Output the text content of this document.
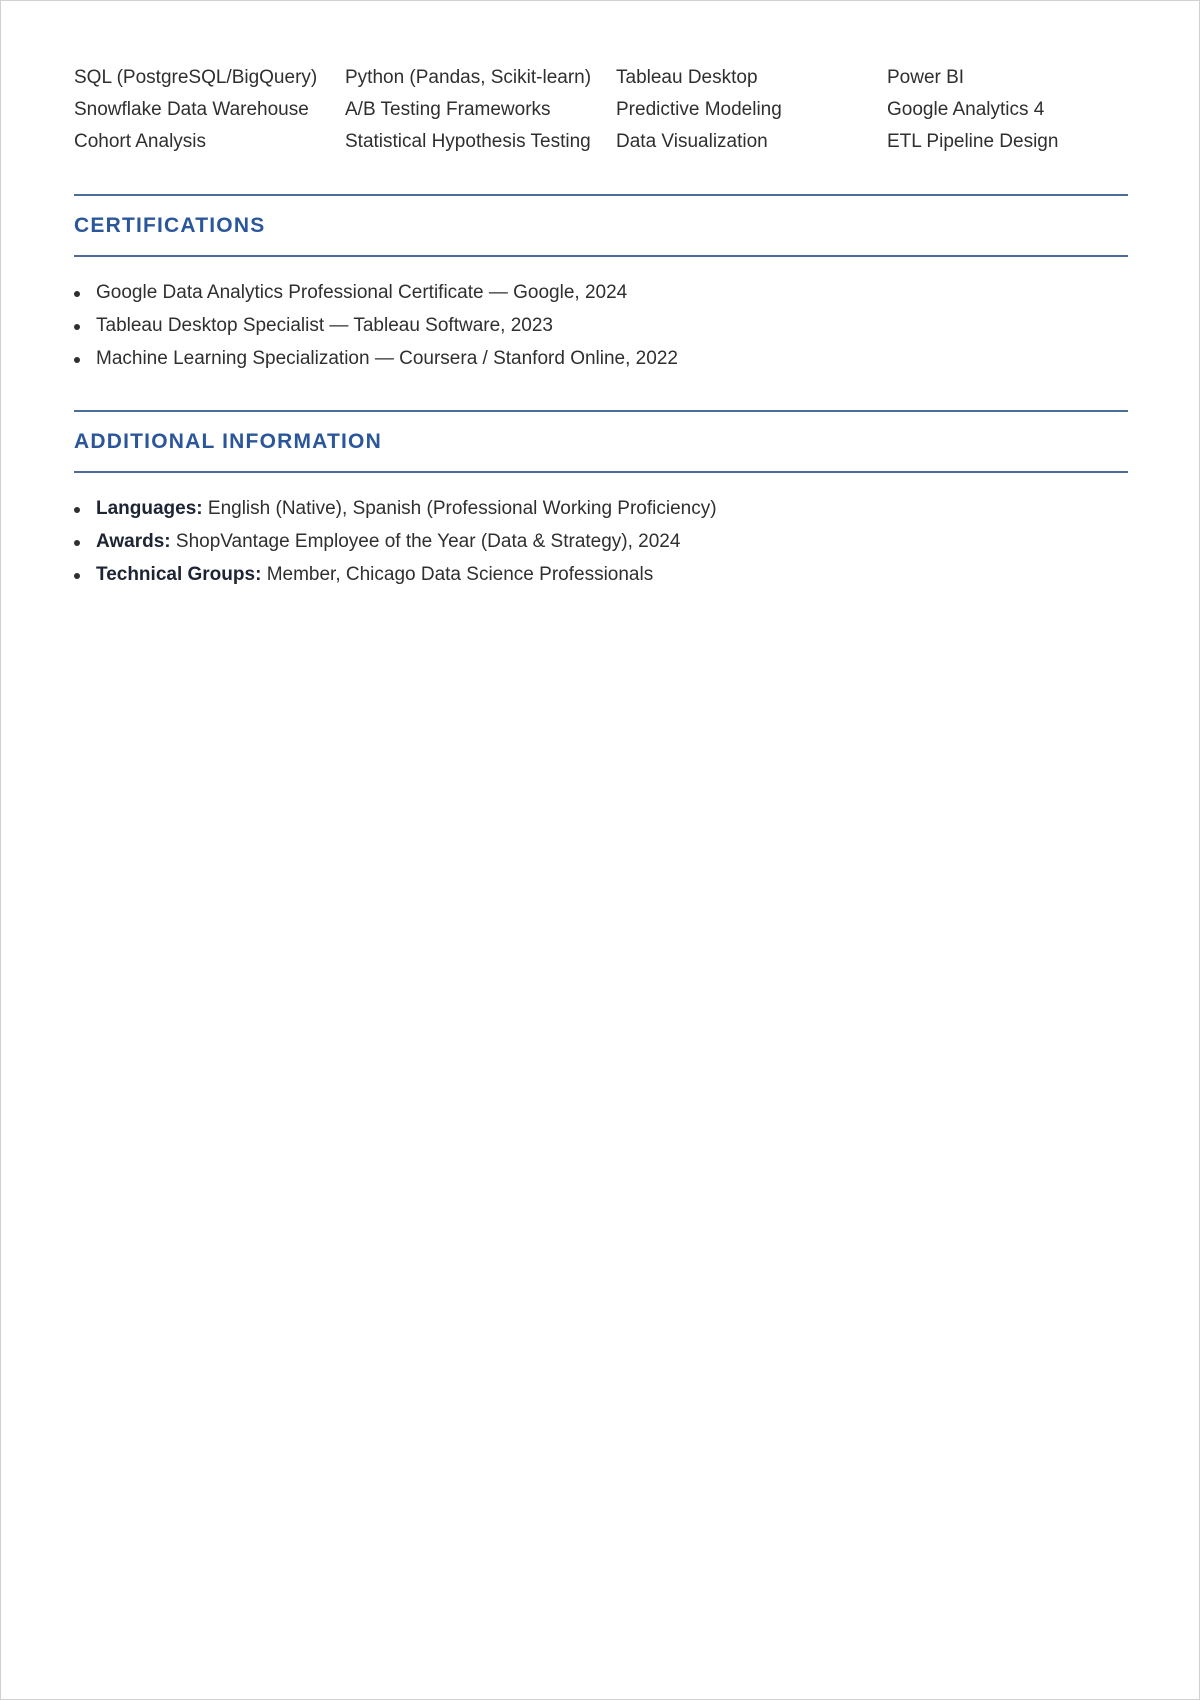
SQL (PostgreSQL/BigQuery)	Python (Pandas, Scikit-learn)	Tableau Desktop	Power BI
Snowflake Data Warehouse	A/B Testing Frameworks	Predictive Modeling	Google Analytics 4
Cohort Analysis	Statistical Hypothesis Testing	Data Visualization	ETL Pipeline Design
CERTIFICATIONS
Google Data Analytics Professional Certificate — Google, 2024
Tableau Desktop Specialist — Tableau Software, 2023
Machine Learning Specialization — Coursera / Stanford Online, 2022
ADDITIONAL INFORMATION
Languages: English (Native), Spanish (Professional Working Proficiency)
Awards: ShopVantage Employee of the Year (Data & Strategy), 2024
Technical Groups: Member, Chicago Data Science Professionals
